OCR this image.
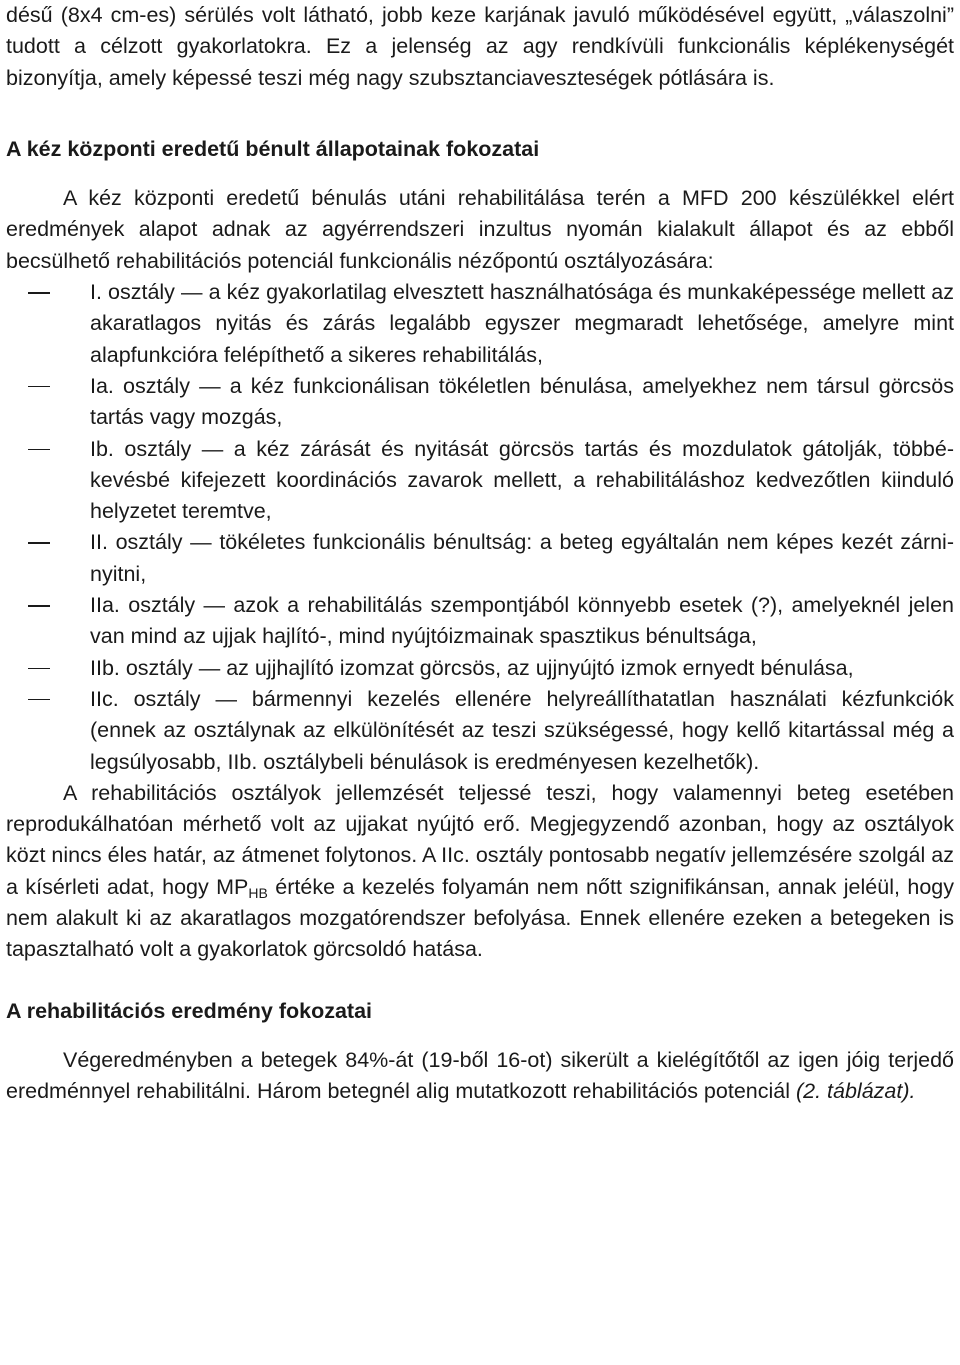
désű (8x4 cm-es) sérülés volt látható, jobb keze karjának javuló működésével együtt, „válaszolni” tudott a célzott gyakorlatokra. Ez a jelenség az agy rendkívüli funkcionális képlékenységét bizonyítja, amely képessé teszi még nagy szubsztanciaveszteségek pótlására is.

A kéz központi eredetű bénult állapotainak fokozatai

A kéz központi eredetű bénulás utáni rehabilitálása terén a MFD 200 készülékkel elért eredmények alapot adnak az agyérrendszeri inzultus nyomán kialakult állapot és az ebből becsülhető rehabilitációs potenciál funkcionális nézőpontú osztályozására:

I. osztály — a kéz gyakorlatilag elvesztett használhatósága és munkaképessége mellett az akaratlagos nyitás és zárás legalább egyszer megmaradt lehetősége, amelyre mint alapfunkcióra felépíthető a sikeres rehabilitálás,
Ia. osztály — a kéz funkcionálisan tökéletlen bénulása, amelyekhez nem társul görcsös tartás vagy mozgás,
Ib. osztály — a kéz zárását és nyitását görcsös tartás és mozdulatok gátolják, többé-kevésbé kifejezett koordinációs zavarok mellett, a rehabilitáláshoz kedvezőtlen kiinduló helyzetet teremtve,
II. osztály — tökéletes funkcionális bénultság: a beteg egyáltalán nem képes kezét zárni-nyitni,
IIa. osztály — azok a rehabilitálás szempontjából könnyebb esetek (?), amelyeknél jelen van mind az ujjak hajlító-, mind nyújtóizmainak spasztikus bénultsága,
IIb. osztály — az ujjhajlító izomzat görcsös, az ujjnyújtó izmok ernyedt bénulása,
IIc. osztály — bármennyi kezelés ellenére helyreállíthatatlan használati kézfunkciók (ennek az osztálynak az elkülönítését az teszi szükségessé, hogy kellő kitartással még a legsúlyosabb, IIb. osztálybeli bénulások is eredményesen kezelhetők).

A rehabilitációs osztályok jellemzését teljessé teszi, hogy valamennyi beteg esetében reprodukálhatóan mérhető volt az ujjakat nyújtó erő. Megjegyzendő azonban, hogy az osztályok közt nincs éles határ, az átmenet folytonos. A IIc. osztály pontosabb negatív jellemzésére szolgál az a kísérleti adat, hogy $MP_{HB}$ értéke a kezelés folyamán nem nőtt szignifikánsan, annak jeléül, hogy nem alakult ki az akaratlagos mozgatórendszer befolyása. Ennek ellenére ezeken a betegeken is tapasztalható volt a gyakorlatok görcsoldó hatása.

A rehabilitációs eredmény fokozatai

Végeredményben a betegek 84%-át (19-ből 16-ot) sikerült a kielégítőtől az igen jóig terjedő eredménnyel rehabilitálni. Három betegnél alig mutatkozott rehabilitációs potenciál (2. táblázat).
